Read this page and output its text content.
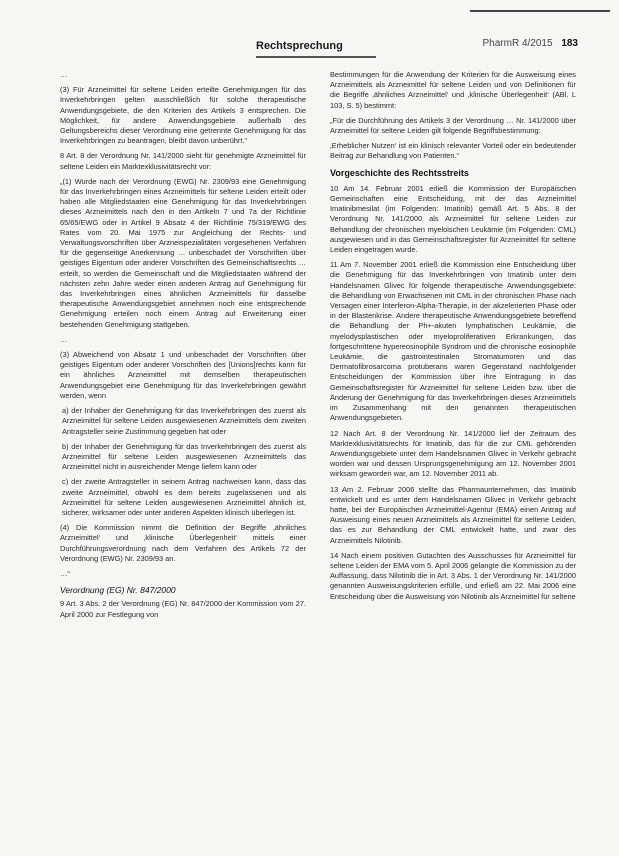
Rechtsprechung	PharmR 4/2015 183

…

(3) Für Arzneimittel für seltene Leiden erteilte Genehmigungen für das Inverkehrbringen gelten ausschließlich für solche therapeutische Anwendungsgebiete, die den Kriterien des Artikels 3 entsprechen. Die Möglichkeit, für andere Anwendungsgebiete außerhalb des Geltungsbereichs dieser Verordnung eine getrennte Genehmigung für das Inverkehrbringen zu beantragen, bleibt davon unberührt.“

8 Art. 8 der Verordnung Nr. 141/2000 sieht für genehmigte Arzneimittel für seltene Leiden ein Marktexklusivitätsrecht vor:

„(1) Wurde nach der Verordnung (EWG) Nr. 2309/93 eine Genehmigung für das Inverkehrbringen eines Arzneimittels für seltene Leiden erteilt oder haben alle Mitgliedstaaten eine Genehmigung für das Inverkehrbringen dieses Arzneimittels nach den in den Artikeln 7 und 7a der Richtlinie 65/65/EWG oder in Artikel 9 Absatz 4 der Richtlinie 75/319/EWG des Rates vom 20. Mai 1975 zur Angleichung der Rechts- und Verwaltungsvorschriften über Arzneispezialitäten vorgesehenen Verfahren für die gegenseitige Anerkennung … unbeschadet der Vorschriften über geistiges Eigentum oder anderer Vorschriften des Gemeinschaftsrechts … erteilt, so werden die Gemeinschaft und die Mitgliedstaaten während der nächsten zehn Jahre weder einen anderen Antrag auf Genehmigung für das Inverkehrbringen eines ähnlichen Arzneimittels für dasselbe therapeutische Anwendungsgebiet annehmen noch eine entsprechende Genehmigung erteilen noch einem Antrag auf Erweiterung einer bestehenden Genehmigung stattgeben.

…

(3) Abweichend von Absatz 1 und unbeschadet der Vorschriften über geistiges Eigentum oder anderer Vorschriften des [Unions]rechts kann für ein ähnliches Arzneimittel mit demselben therapeutischen Anwendungsgebiet eine Genehmigung für das Inverkehrbringen gewährt werden, wenn

a) der Inhaber der Genehmigung für das Inverkehrbringen des zuerst als Arzneimittel für seltene Leiden ausgewiesenen Arzneimittels dem zweiten Antragsteller seine Zustimmung gegeben hat oder

b) der Inhaber der Genehmigung für das Inverkehrbringen des zuerst als Arzneimittel für seltene Leiden ausgewiesenen Arzneimittels das Arzneimittel nicht in ausreichender Menge liefern kann oder

c) der zweite Antragsteller in seinem Antrag nachweisen kann, dass das zweite Arzneimittel, obwohl es dem bereits zugelassenen und als Arzneimittel für seltene Leiden ausgewiesenen Arzneimittel ähnlich ist, sicherer, wirksamer oder unter anderen Aspekten klinisch überlegen ist.

(4) Die Kommission nimmt die Definition der Begriffe ‚ähnliches Arzneimittel‘ und ‚klinische Überlegenheit‘ mittels einer Durchführungsverordnung nach dem Verfahren des Artikels 72 der Verordnung (EWG) Nr. 2309/93 an.

…“

Verordnung (EG) Nr. 847/2000

9 Art. 3 Abs. 2 der Verordnung (EG) Nr. 847/2000 der Kommission vom 27. April 2000 zur Festlegung von

Bestimmungen für die Anwendung der Kriterien für die Ausweisung eines Arzneimittels als Arzneimittel für seltene Leiden und von Definitionen für die Begriffe ‚ähnliches Arzneimittel‘ und ‚klinische Überlegenheit‘ (ABl. L 103, S. 5) bestimmt:

„Für die Durchführung des Artikels 3 der Verordnung … Nr. 141/2000 über Arzneimittel für seltene Leiden gilt folgende Begriffsbestimmung:

‚Erheblicher Nutzen‘ ist ein klinisch relevanter Vorteil oder ein bedeutender Beitrag zur Behandlung von Patienten.“

Vorgeschichte des Rechtsstreits

10 Am 14. Februar 2001 erließ die Kommission der Europäischen Gemeinschaften eine Entscheidung, mit der das Arzneimittel Imatinibmesilat (im Folgenden: Imatinib) gemäß Art. 5 Abs. 8 der Verordnung Nr. 141/2000 als Arzneimittel für seltene Leiden zur Behandlung der chronischen myeloischen Leukämie (im Folgenden: CML) ausgewiesen und in das Gemeinschaftsregister für Arzneimittel für seltene Leiden eingetragen wurde.

11 Am 7. November 2001 erließ die Kommission eine Entscheidung über die Genehmigung für das Inverkehrbringen von Imatinib unter dem Handelsnamen Glivec für folgende therapeutische Anwendungsgebiete: die Behandlung von Erwachsenen mit CML in der chronischen Phase nach Versagen einer Interferon-Alpha-Therapie, in der akzelerierten Phase oder in der Blastenkrise. Andere therapeutische Anwendungsgebiete betreffend die Behandlung der Ph+-akuten lymphatischen Leukämie, die myelodysplastischen oder myeloproliferativen Erkrankungen, das fortgeschrittene hypereosinophile Syndrom und die chronische eosinophile Leukämie, die gastrointestinalen Stromatumoren und das Dermatofibrosarcoma protuberans waren Gegenstand nachfolgender Entscheidungen der Kommission über ihre Eintragung in das Gemeinschaftsregister für Arzneimittel für seltene Leiden bzw. über die Änderung der Genehmigung für das Inverkehrbringen dieses Arzneimittels im Zusammenhang mit den genannten therapeutischen Anwendungsgebieten.

12 Nach Art. 8 der Verordnung Nr. 141/2000 lief der Zeitraum des Marktexklusivitätsrechts für Imatinib, das für die zur CML gehörenden Anwendungsgebiete unter dem Handelsnamen Glivec in Verkehr gebracht worden war und dessen Ursprungsgenehmigung am 12. November 2001 wirksam geworden war, am 12. November 2011 ab.

13 Am 2. Februar 2006 stellte das Pharmaunternehmen, das Imatinib entwickelt und es unter dem Handelsnamen Glivec in Verkehr gebracht hatte, bei der Europäischen Arzneimittel-Agentur (EMA) einen Antrag auf Ausweisung eines neuen Arzneimittels als Arzneimittel für seltene Leiden, das es zur Behandlung der CML entwickelt hatte, und zwar des Arzneimittels Nilotinib.

14 Nach einem positiven Gutachten des Ausschusses für Arzneimittel für seltene Leiden der EMA vom 5. April 2006 gelangte die Kommission zu der Auffassung, dass Nilotinib die in Art. 3 Abs. 1 der Verordnung Nr. 141/2000 genannten Ausweisungskriterien erfülle, und erließ am 22. Mai 2006 eine Entscheidung über die Ausweisung von Nilotinib als Arzneimittel für seltene
